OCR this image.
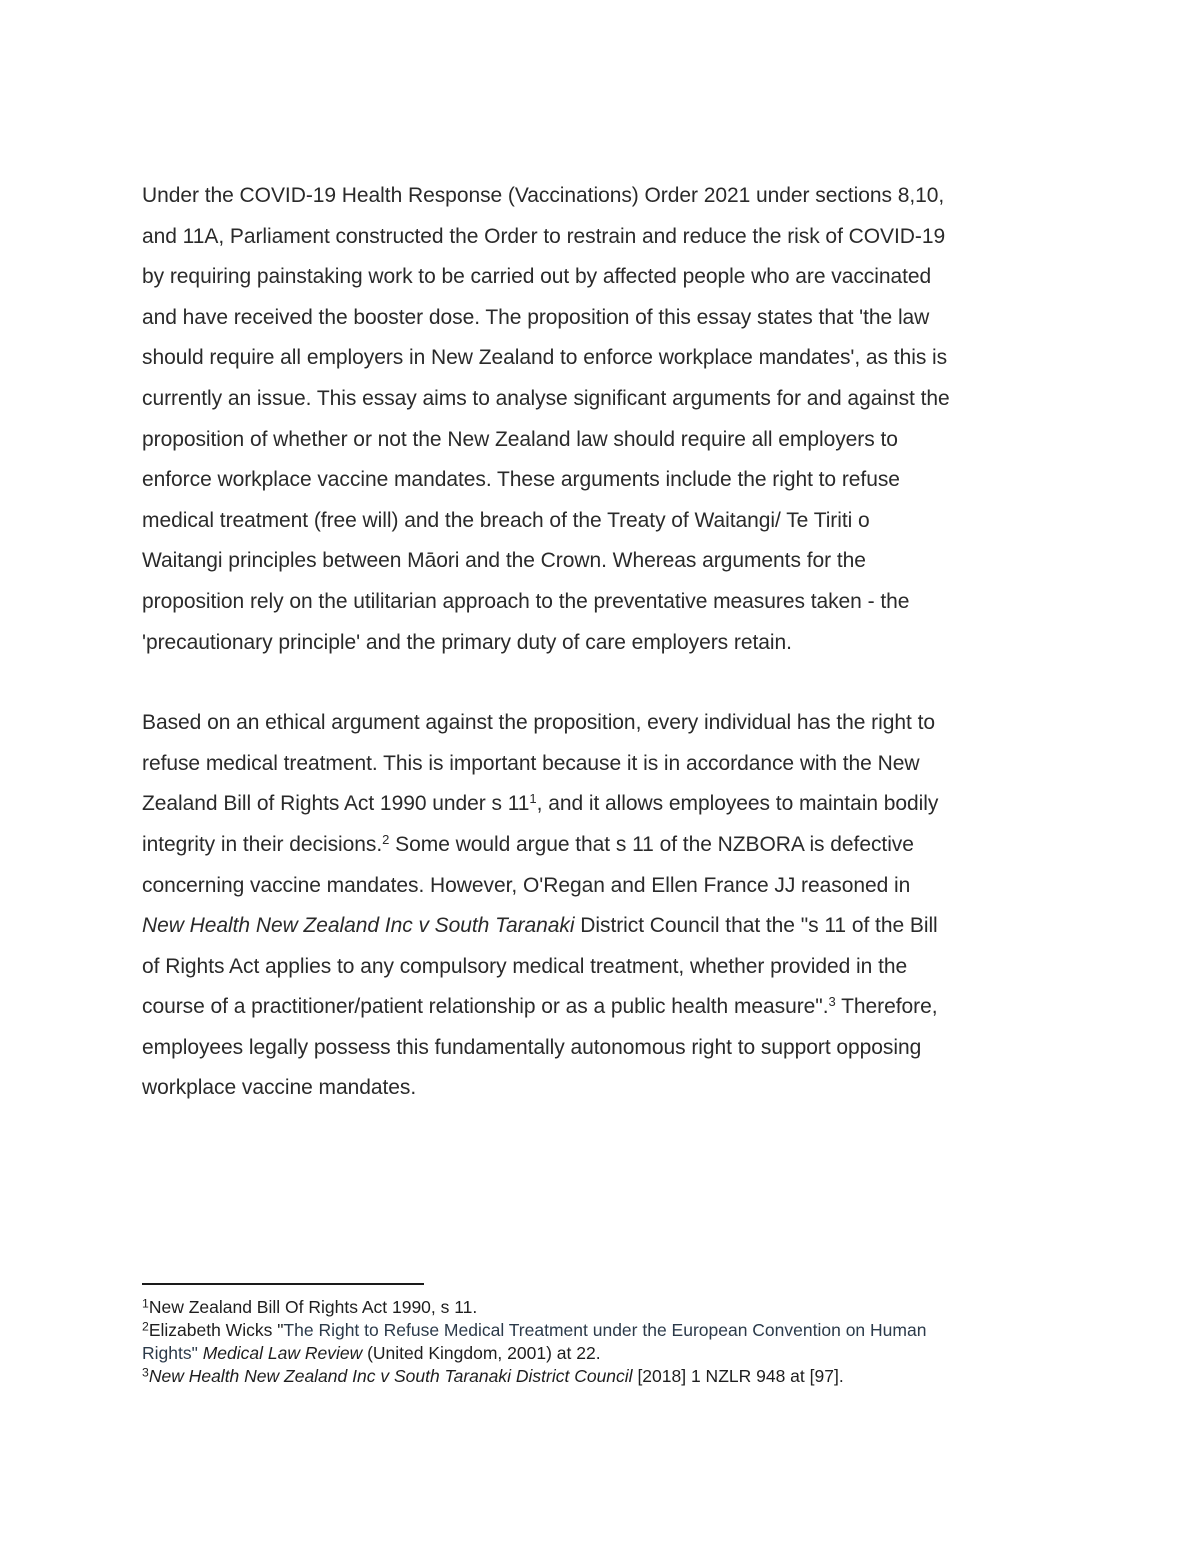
Under the COVID-19 Health Response (Vaccinations) Order 2021 under sections 8,10,
and 11A, Parliament constructed the Order to restrain and reduce the risk of COVID-19
by requiring painstaking work to be carried out by affected people who are vaccinated
and have received the booster dose. The proposition of this essay states that 'the law
should require all employers in New Zealand to enforce workplace mandates', as this is
currently an issue. This essay aims to analyse significant arguments for and against the
proposition of whether or not the New Zealand law should require all employers to
enforce workplace vaccine mandates. These arguments include the right to refuse
medical treatment (free will) and the breach of the Treaty of Waitangi/ Te Tiriti o
Waitangi principles between Māori and the Crown. Whereas arguments for the
proposition rely on the utilitarian approach to the preventative measures taken - the
'precautionary principle' and the primary duty of care employers retain.

Based on an ethical argument against the proposition, every individual has the right to
refuse medical treatment. This is important because it is in accordance with the New
Zealand Bill of Rights Act 1990 under s $11^1$, and it allows employees to maintain bodily
integrity in their decisions.$^2$ Some would argue that s 11 of the NZBORA is defective
concerning vaccine mandates. However, O'Regan and Ellen France JJ reasoned in
New Health New Zealand Inc v South Taranaki District Council that the "s 11 of the Bill
of Rights Act applies to any compulsory medical treatment, whether provided in the
course of a practitioner/patient relationship or as a public health measure".$^3$ Therefore,
employees legally possess this fundamentally autonomous right to support opposing
workplace vaccine mandates.

$^1$New Zealand Bill Of Rights Act 1990, s 11.

$^2$Elizabeth Wicks "The Right to Refuse Medical Treatment under the European Convention on Human
Rights" Medical Law Review (United Kingdom, 2001) at 22.

$^3$New Health New Zealand Inc v South Taranaki District Council [2018] 1 NZLR 948 at [97].
